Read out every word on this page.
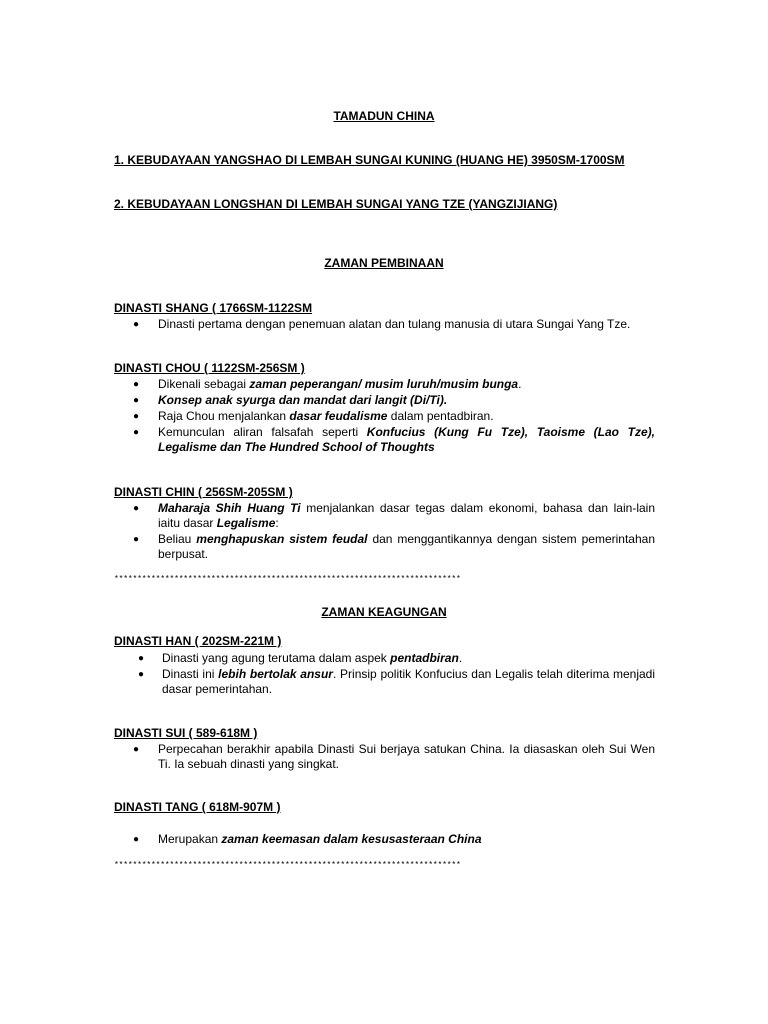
TAMADUN CHINA
1. KEBUDAYAAN YANGSHAO DI LEMBAH SUNGAI KUNING (HUANG HE) 3950SM-1700SM
2. KEBUDAYAAN LONGSHAN DI LEMBAH SUNGAI YANG TZE (YANGZIJIANG)
ZAMAN PEMBINAAN
DINASTI SHANG ( 1766SM-1122SM
● Dinasti pertama dengan penemuan alatan dan tulang manusia di utara Sungai Yang Tze.
DINASTI CHOU ( 1122SM-256SM )
● Dikenali sebagai zaman peperangan/ musim luruh/musim bunga.
● Konsep anak syurga dan mandat dari langit (Di/Ti).
● Raja Chou menjalankan dasar feudalisme dalam pentadbiran.
● Kemunculan aliran falsafah seperti Konfucius (Kung Fu Tze), Taoisme (Lao Tze), Legalisme dan The Hundred School of Thoughts
DINASTI CHIN ( 256SM-205SM )
● Maharaja Shih Huang Ti menjalankan dasar tegas dalam ekonomi, bahasa dan lain-lain iaitu dasar Legalisme:
● Beliau menghapuskan sistem feudal dan menggantikannya dengan sistem pemerintahan berpusat.
***************************************************************************
ZAMAN KEAGUNGAN
DINASTI HAN ( 202SM-221M )
● Dinasti yang agung terutama dalam aspek pentadbiran.
● Dinasti ini lebih bertolak ansur. Prinsip politik Konfucius dan Legalis telah diterima menjadi dasar pemerintahan.
DINASTI SUI ( 589-618M )
● Perpecahan berakhir apabila Dinasti Sui berjaya satukan China. Ia diasaskan oleh Sui Wen Ti. Ia sebuah dinasti yang singkat.
DINASTI TANG ( 618M-907M )
● Merupakan zaman keemasan dalam kesusasteraan China
***************************************************************************
